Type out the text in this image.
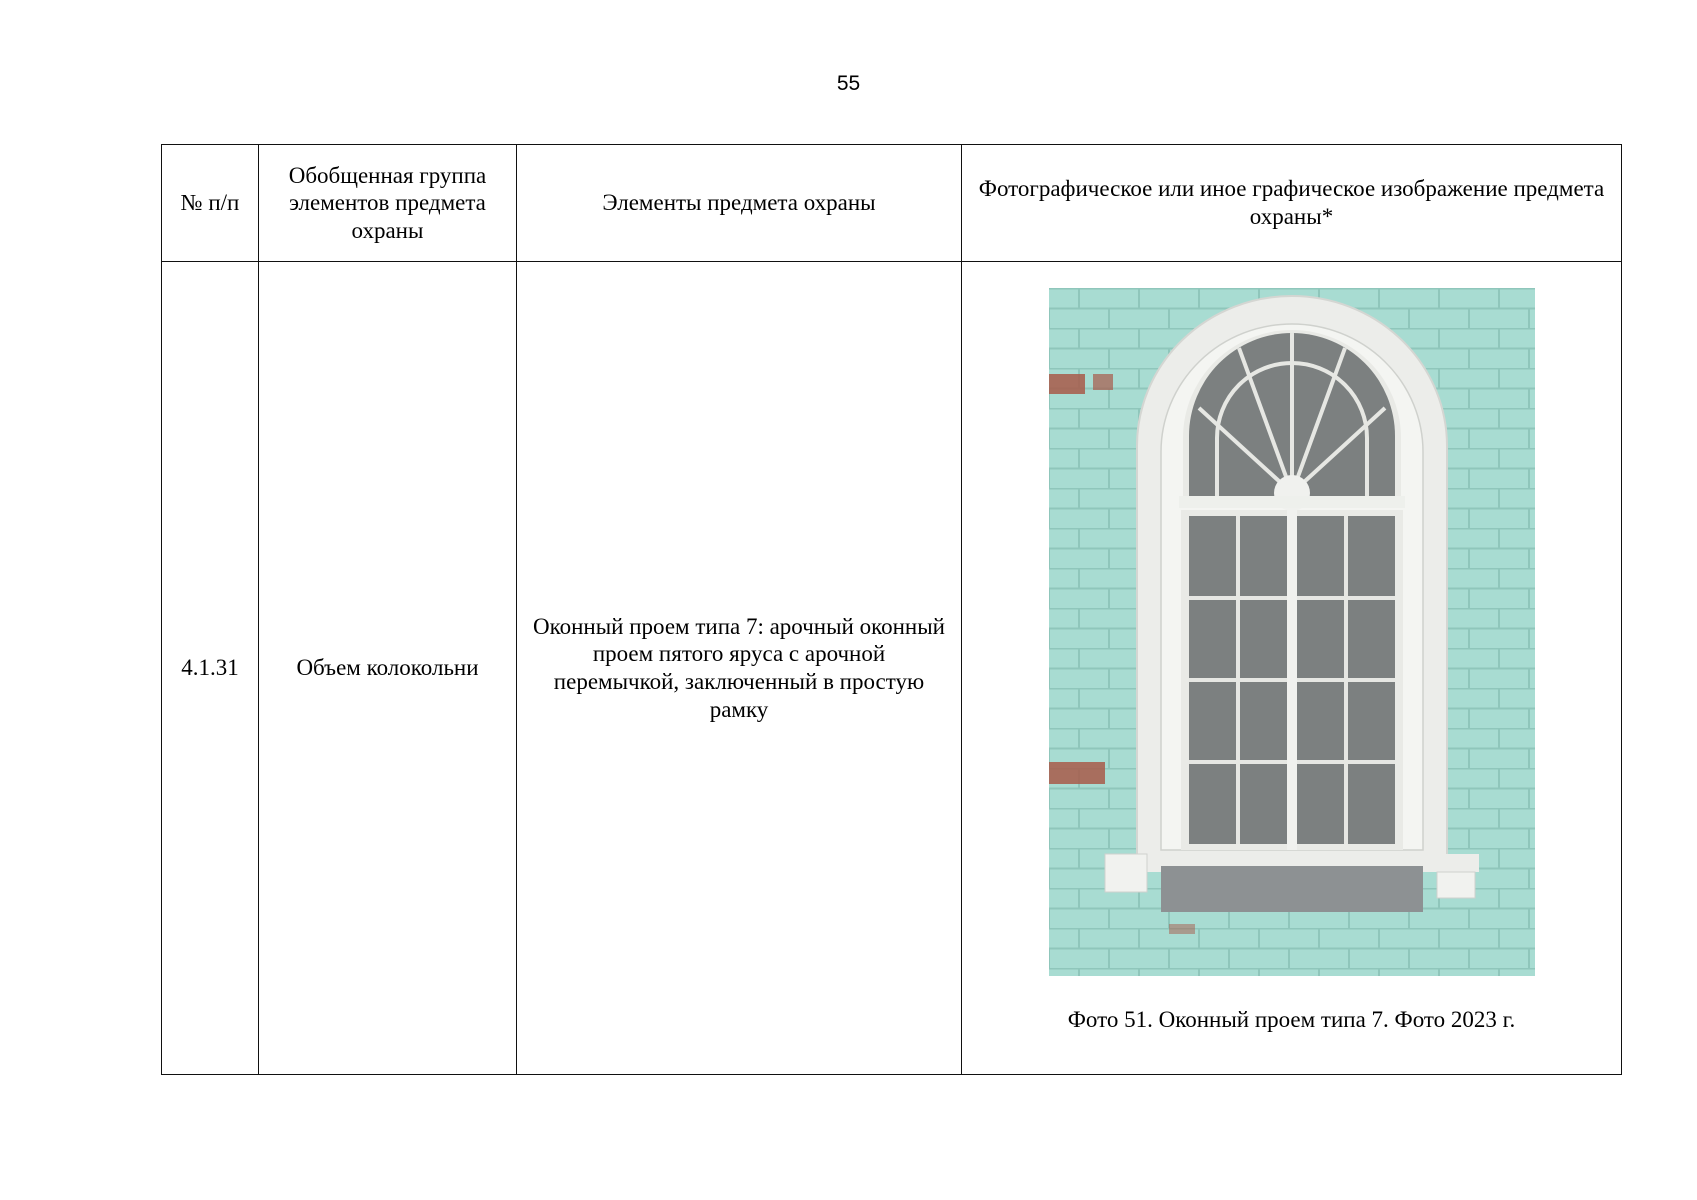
55
№ п/п	Обобщенная группа элементов предмета охраны	Элементы предмета охраны	Фотографическое или иное графическое изображение предмета охраны*
4.1.31	Объем колокольни	Оконный проем типа 7: арочный оконный проем пятого яруса с арочной перемычкой, заключенный в простую рамку	Фото 51. Оконный проем типа 7. Фото 2023 г.
